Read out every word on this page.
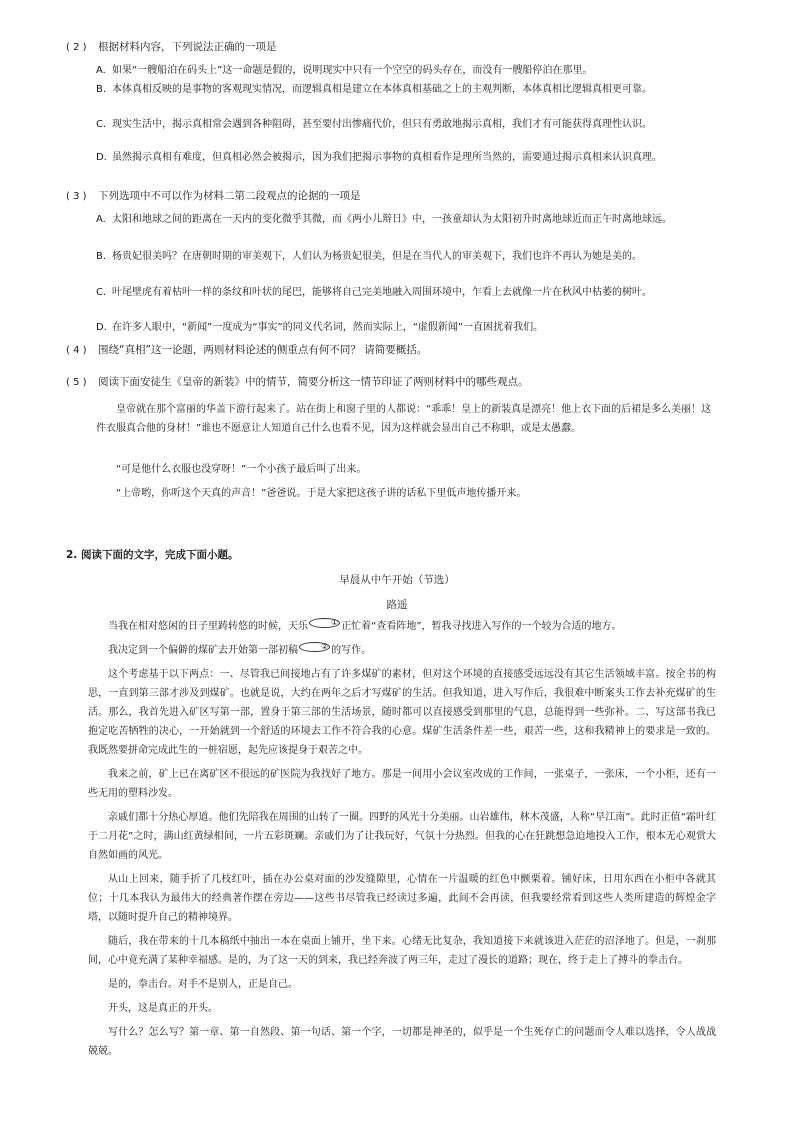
( 2 )	根据材料内容，下列说法正确的一项是
A. 如果“一艘船泊在码头上”这一命题是假的，说明现实中只有一个空空的码头存在，而没有一艘船停泊在那里。
B. 本体真相反映的是事物的客观现实情况，而逻辑真相是建立在本体真相基础之上的主观判断，本体真相比逻辑真相更可靠。
C. 现实生活中，揭示真相常会遇到各种阻碍，甚至要付出惨痛代价，但只有勇敢地揭示真相，我们才有可能获得真理性认识。
D. 虽然揭示真相有难度，但真相必然会被揭示，因为我们把揭示事物的真相看作是理所当然的，需要通过揭示真相来认识真理。
( 3 )	下列选项中不可以作为材料二第二段观点的论据的一项是
A. 太阳和地球之间的距离在一天内的变化微乎其微，而《两小儿辩日》中，一孩童却认为太阳初升时离地球近而正午时离地球远。
B. 杨贵妃很美吗？在唐朝时期的审美观下，人们认为杨贵妃很美，但是在当代人的审美观下，我们也许不再认为她是美的。
C. 叶尾壁虎有着枯叶一样的条纹和叶状的尾巴，能够将自己完美地融入周围环境中，乍看上去就像一片在秋风中枯萎的树叶。
D. 在许多人眼中，“新闻”一度成为“事实”的同义代名词，然而实际上，“虚假新闻”一直困扰着我们。
( 4 )	围绕“真相”这一论题，两则材料论述的侧重点有何不同？ 请简要概括。
( 5 )	阅读下面安徒生《皇帝的新装》中的情节，简要分析这一情节印证了两则材料中的哪些观点。
皇帝就在那个富丽的华盖下游行起来了。站在街上和窗子里的人都说：“乖乖！皇上的新装真是漂亮！他上衣下面的后裙是多么美丽！这件衣服真合他的身材！”谁也不愿意让人知道自己什么也看不见，因为这样就会显出自己不称职，或是太愚蠢。
“可是他什么衣服也没穿呀！”一个小孩子最后叫了出来。
“上帝哟，你听这个天真的声音！”爸爸说。于是大家把这孩子讲的话私下里低声地传播开来。
2. 阅读下面的文字，完成下面小题。
早晨从中午开始（节选）
路遥
当我在相对悠闲的日子里踌转悠的时候，天乐	① 正忙着“查看阵地”，暂我寻找进入写作的一个较为合适的地方。
我决定到一个偏僻的煤矿去开始第一部初稿	② 的写作。
这个考虑基于以下两点：一、尽管我已间接地占有了许多煤矿的素材，但对这个环境的直接感受远远没有其它生活领域丰富。按全书的构思，一直到第三部才涉及到煤矿。也就是说，大约在两年之后才写煤矿的生活。但我知道，进入写作后，我很难中断案头工作去补充煤矿的生活。那么，我首先进入矿区写第一部，置身于第三部的生活场景，随时都可以直接感受到那里的气息，总能得到一些弥补。二、写这部书我已抱定吃苦牺牲的决心，一开始就到一个舒适的环境去工作不符合我的心意。煤矿生活条件差一些，艰苦一些，这和我精神上的要求是一致的。我既然要拼命完成此生的一桩宿愿，起先应该提身于艰苦之中。
我来之前，矿上已在离矿区不很远的矿医院为我找好了地方。那是一间用小会议室改成的工作间，一张桌子，一张床，一个小柜，还有一些无用的塑料沙发。
亲戚们都十分热心厚道。他们先陪我在周围的山转了一圈。四野的风光十分美丽。山岩雄伟，林木茂盛，人称“早江南”。此时正值“霜叶红于二月花”之时，满山红黄绿相间，一片五彩斑斓。亲戚们为了让我玩好，气氛十分热烈。但我的心在狂跳想急迫地投入工作，根本无心观赏大自然如画的风光。
从山上回来，随手折了几枝红叶，插在办公桌对面的沙发缝隙里，心情在一片温暖的红色中颤栗着。铺好床，日用东西在小柜中各就其位；十几本我认为最伟大的经典著作摆在旁边——这些书尽管我已经读过多遍，此间不会再读，但我要经常看到这些人类所建造的辉煌金字塔，以随时提升自己的精神境界。
随后，我在带来的十几本稿纸中抽出一本在桌面上铺开，坐下来。心绪无比复杂，我知道接下来就该进入茫茫的沼泽地了。但是，一刹那间，心中竟充满了某种幸福感。是的，为了这一天的到来，我已经奔波了两三年，走过了漫长的道路；现在，终于走上了搏斗的拳击台。
是的，拳击台。对手不是别人，正是自己。
开头，这是真正的开头。
写什么？怎么写？第一章、第一自然段、第一句话、第一个字，一切都是神圣的，似乎是一个生死存亡的问题而令人难以选择，令人战战兢兢。
